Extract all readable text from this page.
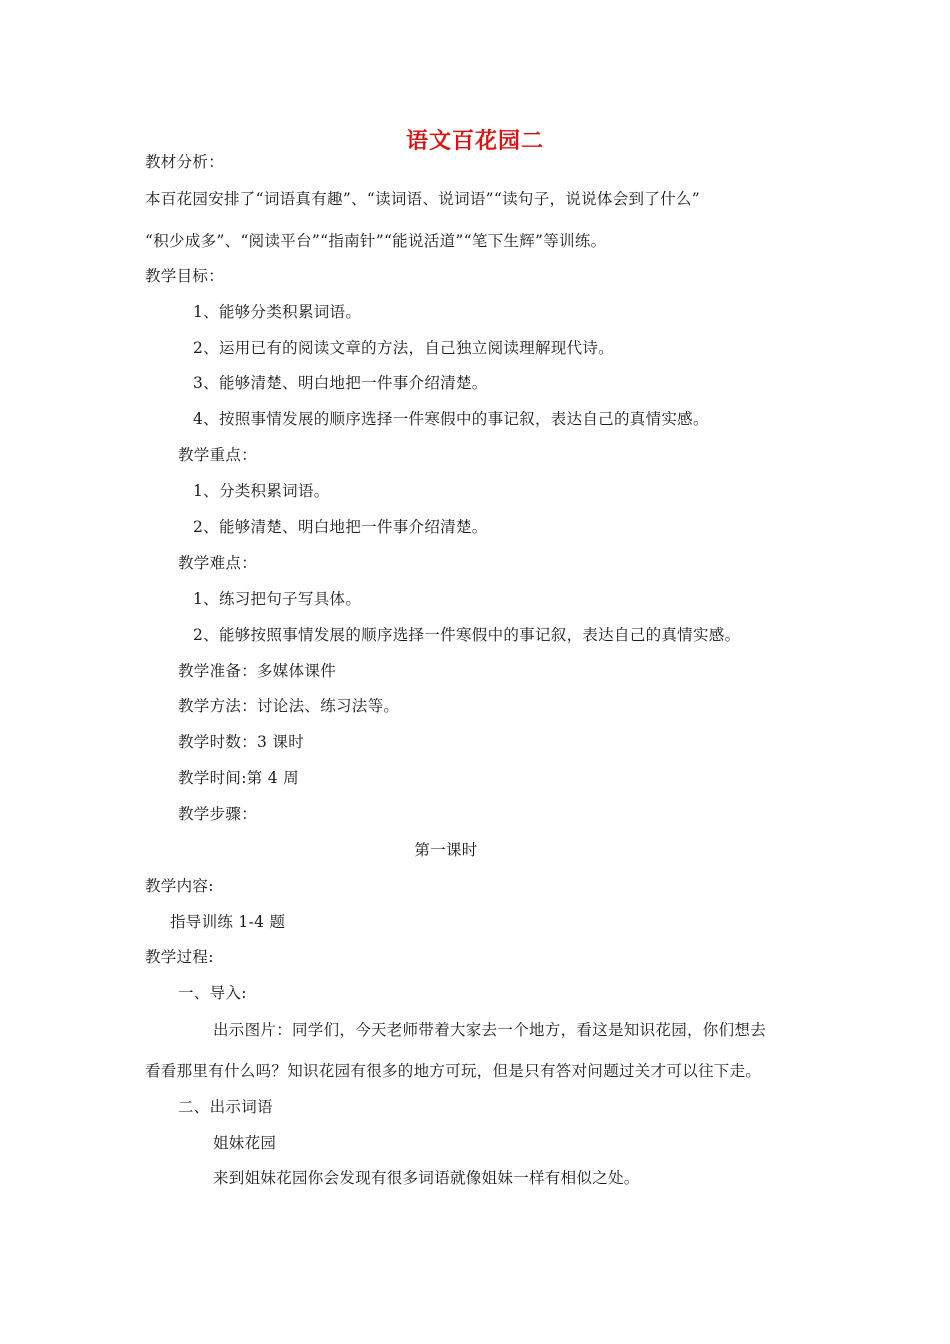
语文百花园二
教材分析：
本百花园安排了“词语真有趣”、“读词语、说词语”“读句子，说说体会到了什么”
“积少成多”、“阅读平台”“指南针”“能说活道”“笔下生辉”等训练。
教学目标：
1、能够分类积累词语。
2、运用已有的阅读文章的方法，自己独立阅读理解现代诗。
3、能够清楚、明白地把一件事介绍清楚。
4、按照事情发展的顺序选择一件寒假中的事记叙，表达自己的真情实感。
教学重点：
1、分类积累词语。
2、能够清楚、明白地把一件事介绍清楚。
教学难点：
1、练习把句子写具体。
2、能够按照事情发展的顺序选择一件寒假中的事记叙，表达自己的真情实感。
教学准备：多媒体课件
教学方法：讨论法、练习法等。
教学时数：3 课时
教学时间:第 4 周
教学步骤：
第一课时
教学内容:
指导训练 1-4 题
教学过程:
一、导入:
出示图片：同学们，今天老师带着大家去一个地方，看这是知识花园，你们想去
看看那里有什么吗？知识花园有很多的地方可玩，但是只有答对问题过关才可以往下走。
二、出示词语
姐妹花园
来到姐妹花园你会发现有很多词语就像姐妹一样有相似之处。
